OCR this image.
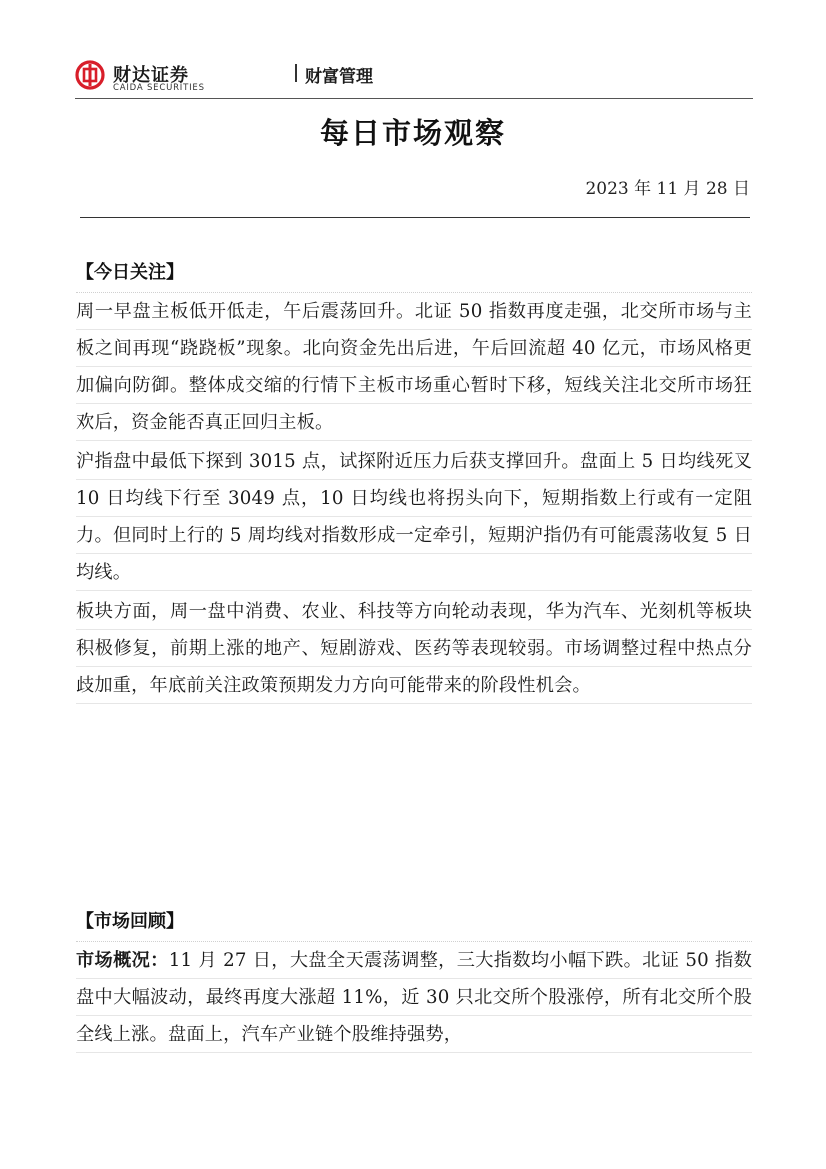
财达证券
CAIDA SECURITIES
财富管理
每日市场观察
2023 年 11 月 28 日
【今日关注】

周一早盘主板低开低走，午后震荡回升。北证 50 指数再度走强，北交所市场与主板之间再现“跷跷板”现象。北向资金先出后进，午后回流超 40 亿元，市场风格更加偏向防御。整体成交缩的行情下主板市场重心暂时下移，短线关注北交所市场狂欢后，资金能否真正回归主板。

沪指盘中最低下探到 3015 点，试探附近压力后获支撑回升。盘面上 5 日均线死叉 10 日均线下行至 3049 点，10 日均线也将拐头向下，短期指数上行或有一定阻力。但同时上行的 5 周均线对指数形成一定牵引，短期沪指仍有可能震荡收复 5 日均线。

板块方面，周一盘中消费、农业、科技等方向轮动表现，华为汽车、光刻机等板块积极修复，前期上涨的地产、短剧游戏、医药等表现较弱。市场调整过程中热点分歧加重，年底前关注政策预期发力方向可能带来的阶段性机会。

【市场回顾】

市场概况：11 月 27 日，大盘全天震荡调整，三大指数均小幅下跌。北证 50 指数盘中大幅波动，最终再度大涨超 11%，近 30 只北交所个股涨停，所有北交所个股全线上涨。盘面上，汽车产业链个股维持强势，
